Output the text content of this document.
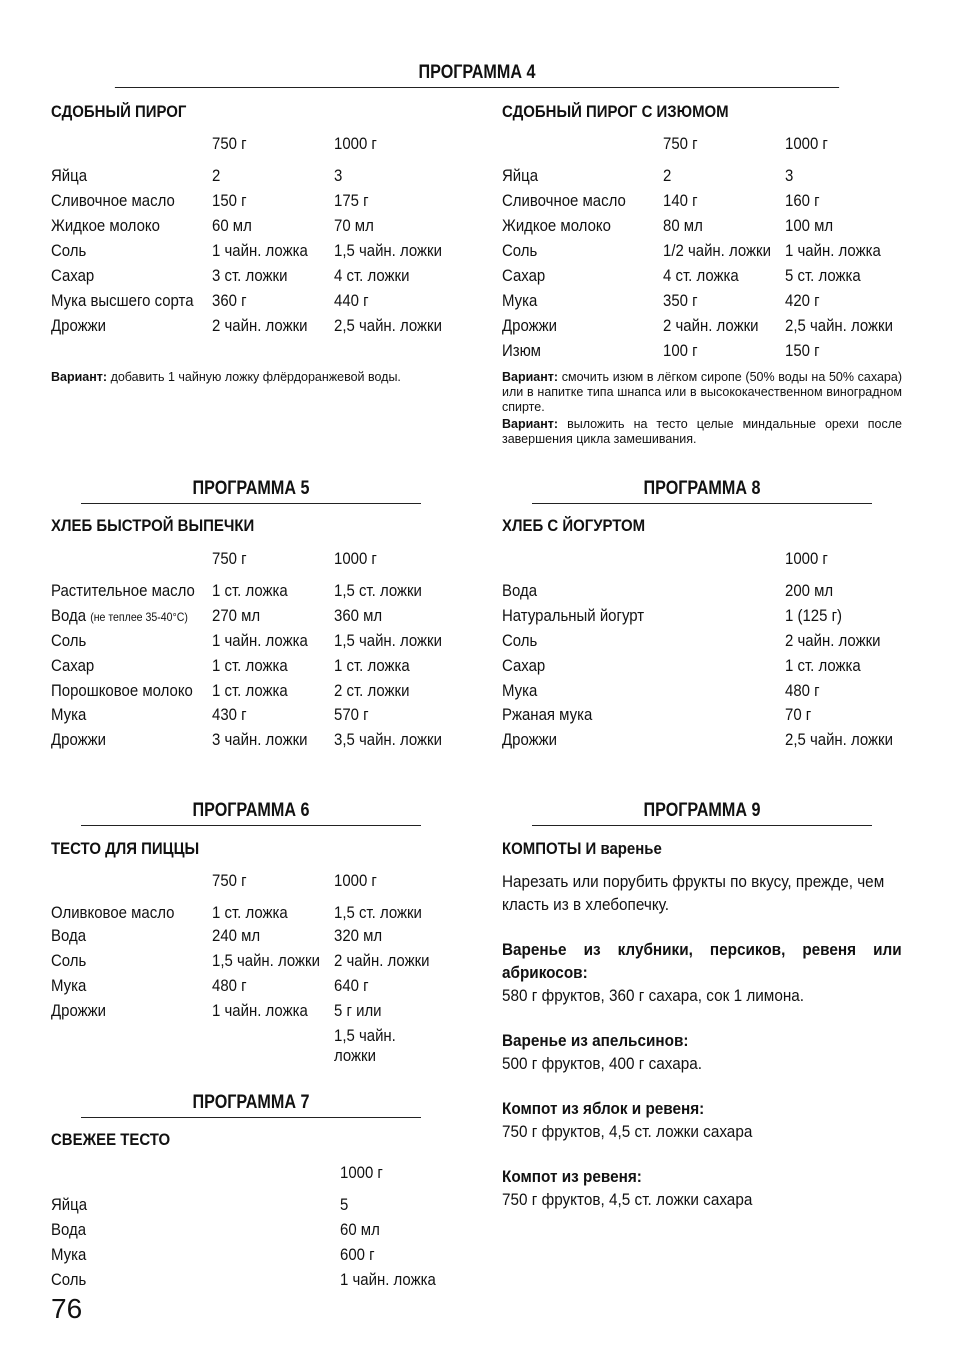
ПРОГРАММА 4
СДОБНЫЙ ПИРОГ
750 г	1000 г
Яйца	2	3
Сливочное масло 150 г	175 г
Жидкое молоко	60 мл	70 мл
Соль	1 чайн. ложка 1,5 чайн. ложки
Сахар	3 ст. ложки	4 ст. ложки
Мука высшего сорта 360 г	440 г
Дрожжи	2 чайн. ложки 2,5 чайн. ложки
Вариант: добавить 1 чайную ложку флёрдоранжевой воды.
СДОБНЫЙ ПИРОГ С ИЗЮМОМ
750 г	1000 г
Яйца	2	3
Сливочное масло 140 г	160 г
Жидкое молоко	80 мл	100 мл
Соль	1/2 чайн. ложки 1 чайн. ложка
Сахар	4 ст. ложка	5 ст. ложка
Мука	350 г	420 г
Дрожжи	2 чайн. ложки 2,5 чайн. ложки
Изюм	100 г	150 г
Вариант: смочить изюм в лёгком сиропе (50% воды на 50% сахара) или в напитке типа шнапса или в высококачественном виноградном спирте.
Вариант: выложить на тесто целые миндальные орехи после завершения цикла замешивания.
ПРОГРАММА 5
ХЛЕБ БЫСТРОЙ ВЫПЕЧКИ
750 г	1000 г
Растительное масло 1 ст. ложка	1,5 ст. ложки
Вода (не теплее 35-40°C) 270 мл	360 мл
Соль	1 чайн. ложка 1,5 чайн. ложки
Сахар	1 ст. ложка	1 ст. ложка
Порошковое молоко 1 ст. ложка	2 ст. ложки
Мука	430 г	570 г
Дрожжи	3 чайн. ложки 3,5 чайн. ложки
ПРОГРАММА 8
ХЛЕБ С ЙОГУРТОМ
1000 г
Вода	200 мл
Натуральный йогурт	1 (125 г)
Соль	2 чайн. ложки
Сахар	1 ст. ложка
Мука	480 г
Ржаная мука	70 г
Дрожжи	2,5 чайн. ложки
ПРОГРАММА 6
ТЕСТО ДЛЯ ПИЦЦЫ
750 г	1000 г
Оливковое масло 1 ст. ложка	1,5 ст. ложки
Вода	240 мл	320 мл
Соль	1,5 чайн. ложки 2 чайн. ложки
Мука	480 г	640 г
Дрожжи	1 чайн. ложка 5 г или
1,5 чайн.
ложки
ПРОГРАММА 7
СВЕЖЕЕ ТЕСТО
1000 г
Яйца	5
Вода	60 мл
Мука	600 г
Соль	1 чайн. ложка
ПРОГРАММА 9
КОМПОТЫ И варенье
Нарезать или порубить фрукты по вкусу, прежде, чем класть из в хлебопечку.
Варенье из клубники, персиков, ревеня или абрикосов:
580 г фруктов, 360 г сахара, сок 1 лимона.
Варенье из апельсинов:
500 г фруктов, 400 г сахара.
Компот из яблок и ревеня:
750 г фруктов, 4,5 ст. ложки сахара
Компот из ревеня:
750 г фруктов, 4,5 ст. ложки сахара
76
